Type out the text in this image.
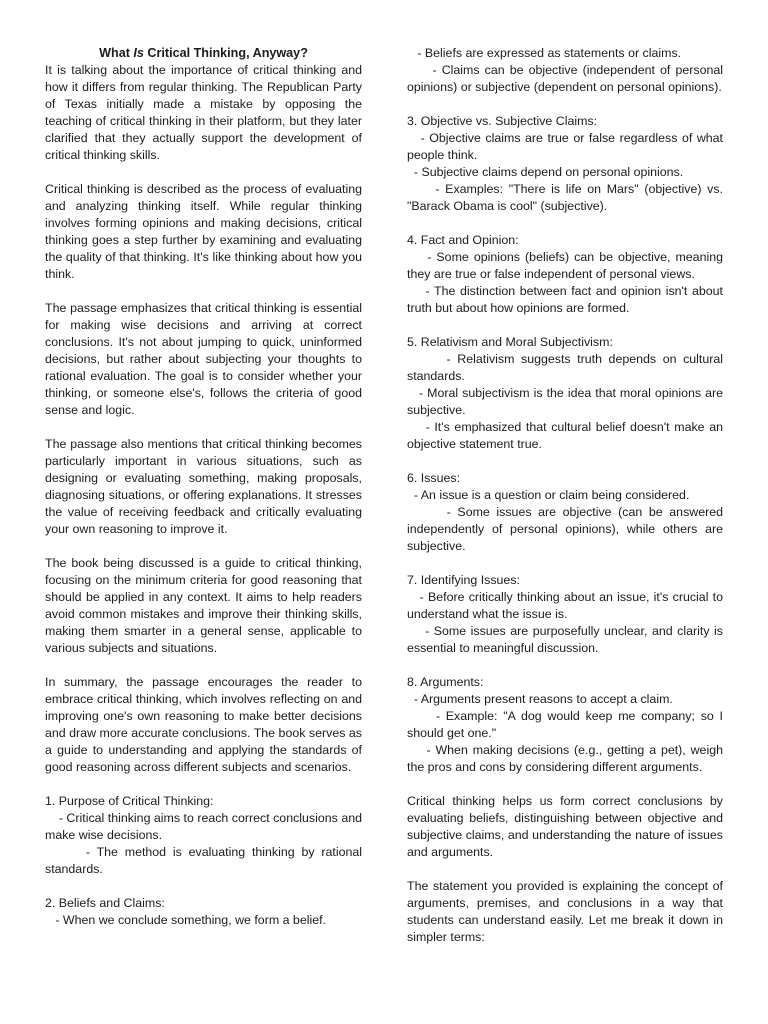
What Is Critical Thinking, Anyway?

It is talking about the importance of critical thinking and how it differs from regular thinking. The Republican Party of Texas initially made a mistake by opposing the teaching of critical thinking in their platform, but they later clarified that they actually support the development of critical thinking skills.

Critical thinking is described as the process of evaluating and analyzing thinking itself. While regular thinking involves forming opinions and making decisions, critical thinking goes a step further by examining and evaluating the quality of that thinking. It's like thinking about how you think.

The passage emphasizes that critical thinking is essential for making wise decisions and arriving at correct conclusions. It's not about jumping to quick, uninformed decisions, but rather about subjecting your thoughts to rational evaluation. The goal is to consider whether your thinking, or someone else's, follows the criteria of good sense and logic.

The passage also mentions that critical thinking becomes particularly important in various situations, such as designing or evaluating something, making proposals, diagnosing situations, or offering explanations. It stresses the value of receiving feedback and critically evaluating your own reasoning to improve it.

The book being discussed is a guide to critical thinking, focusing on the minimum criteria for good reasoning that should be applied in any context. It aims to help readers avoid common mistakes and improve their thinking skills, making them smarter in a general sense, applicable to various subjects and situations.

In summary, the passage encourages the reader to embrace critical thinking, which involves reflecting on and improving one's own reasoning to make better decisions and draw more accurate conclusions. The book serves as a guide to understanding and applying the standards of good reasoning across different subjects and scenarios.

1. Purpose of Critical Thinking:
- Critical thinking aims to reach correct conclusions and make wise decisions.
- The method is evaluating thinking by rational standards.
2. Beliefs and Claims:
- When we conclude something, we form a belief.
- Beliefs are expressed as statements or claims.
- Claims can be objective (independent of personal opinions) or subjective (dependent on personal opinions).
3. Objective vs. Subjective Claims:
- Objective claims are true or false regardless of what people think.
- Subjective claims depend on personal opinions.
- Examples: "There is life on Mars" (objective) vs. "Barack Obama is cool" (subjective).
4. Fact and Opinion:
- Some opinions (beliefs) can be objective, meaning they are true or false independent of personal views.
- The distinction between fact and opinion isn't about truth but about how opinions are formed.
5. Relativism and Moral Subjectivism:
- Relativism suggests truth depends on cultural standards.
- Moral subjectivism is the idea that moral opinions are subjective.
- It's emphasized that cultural belief doesn't make an objective statement true.
6. Issues:
- An issue is a question or claim being considered.
- Some issues are objective (can be answered independently of personal opinions), while others are subjective.
7. Identifying Issues:
- Before critically thinking about an issue, it's crucial to understand what the issue is.
- Some issues are purposefully unclear, and clarity is essential to meaningful discussion.
8. Arguments:
- Arguments present reasons to accept a claim.
- Example: "A dog would keep me company; so I should get one."
- When making decisions (e.g., getting a pet), weigh the pros and cons by considering different arguments.

Critical thinking helps us form correct conclusions by evaluating beliefs, distinguishing between objective and subjective claims, and understanding the nature of issues and arguments.

The statement you provided is explaining the concept of arguments, premises, and conclusions in a way that students can understand easily. Let me break it down in simpler terms:
